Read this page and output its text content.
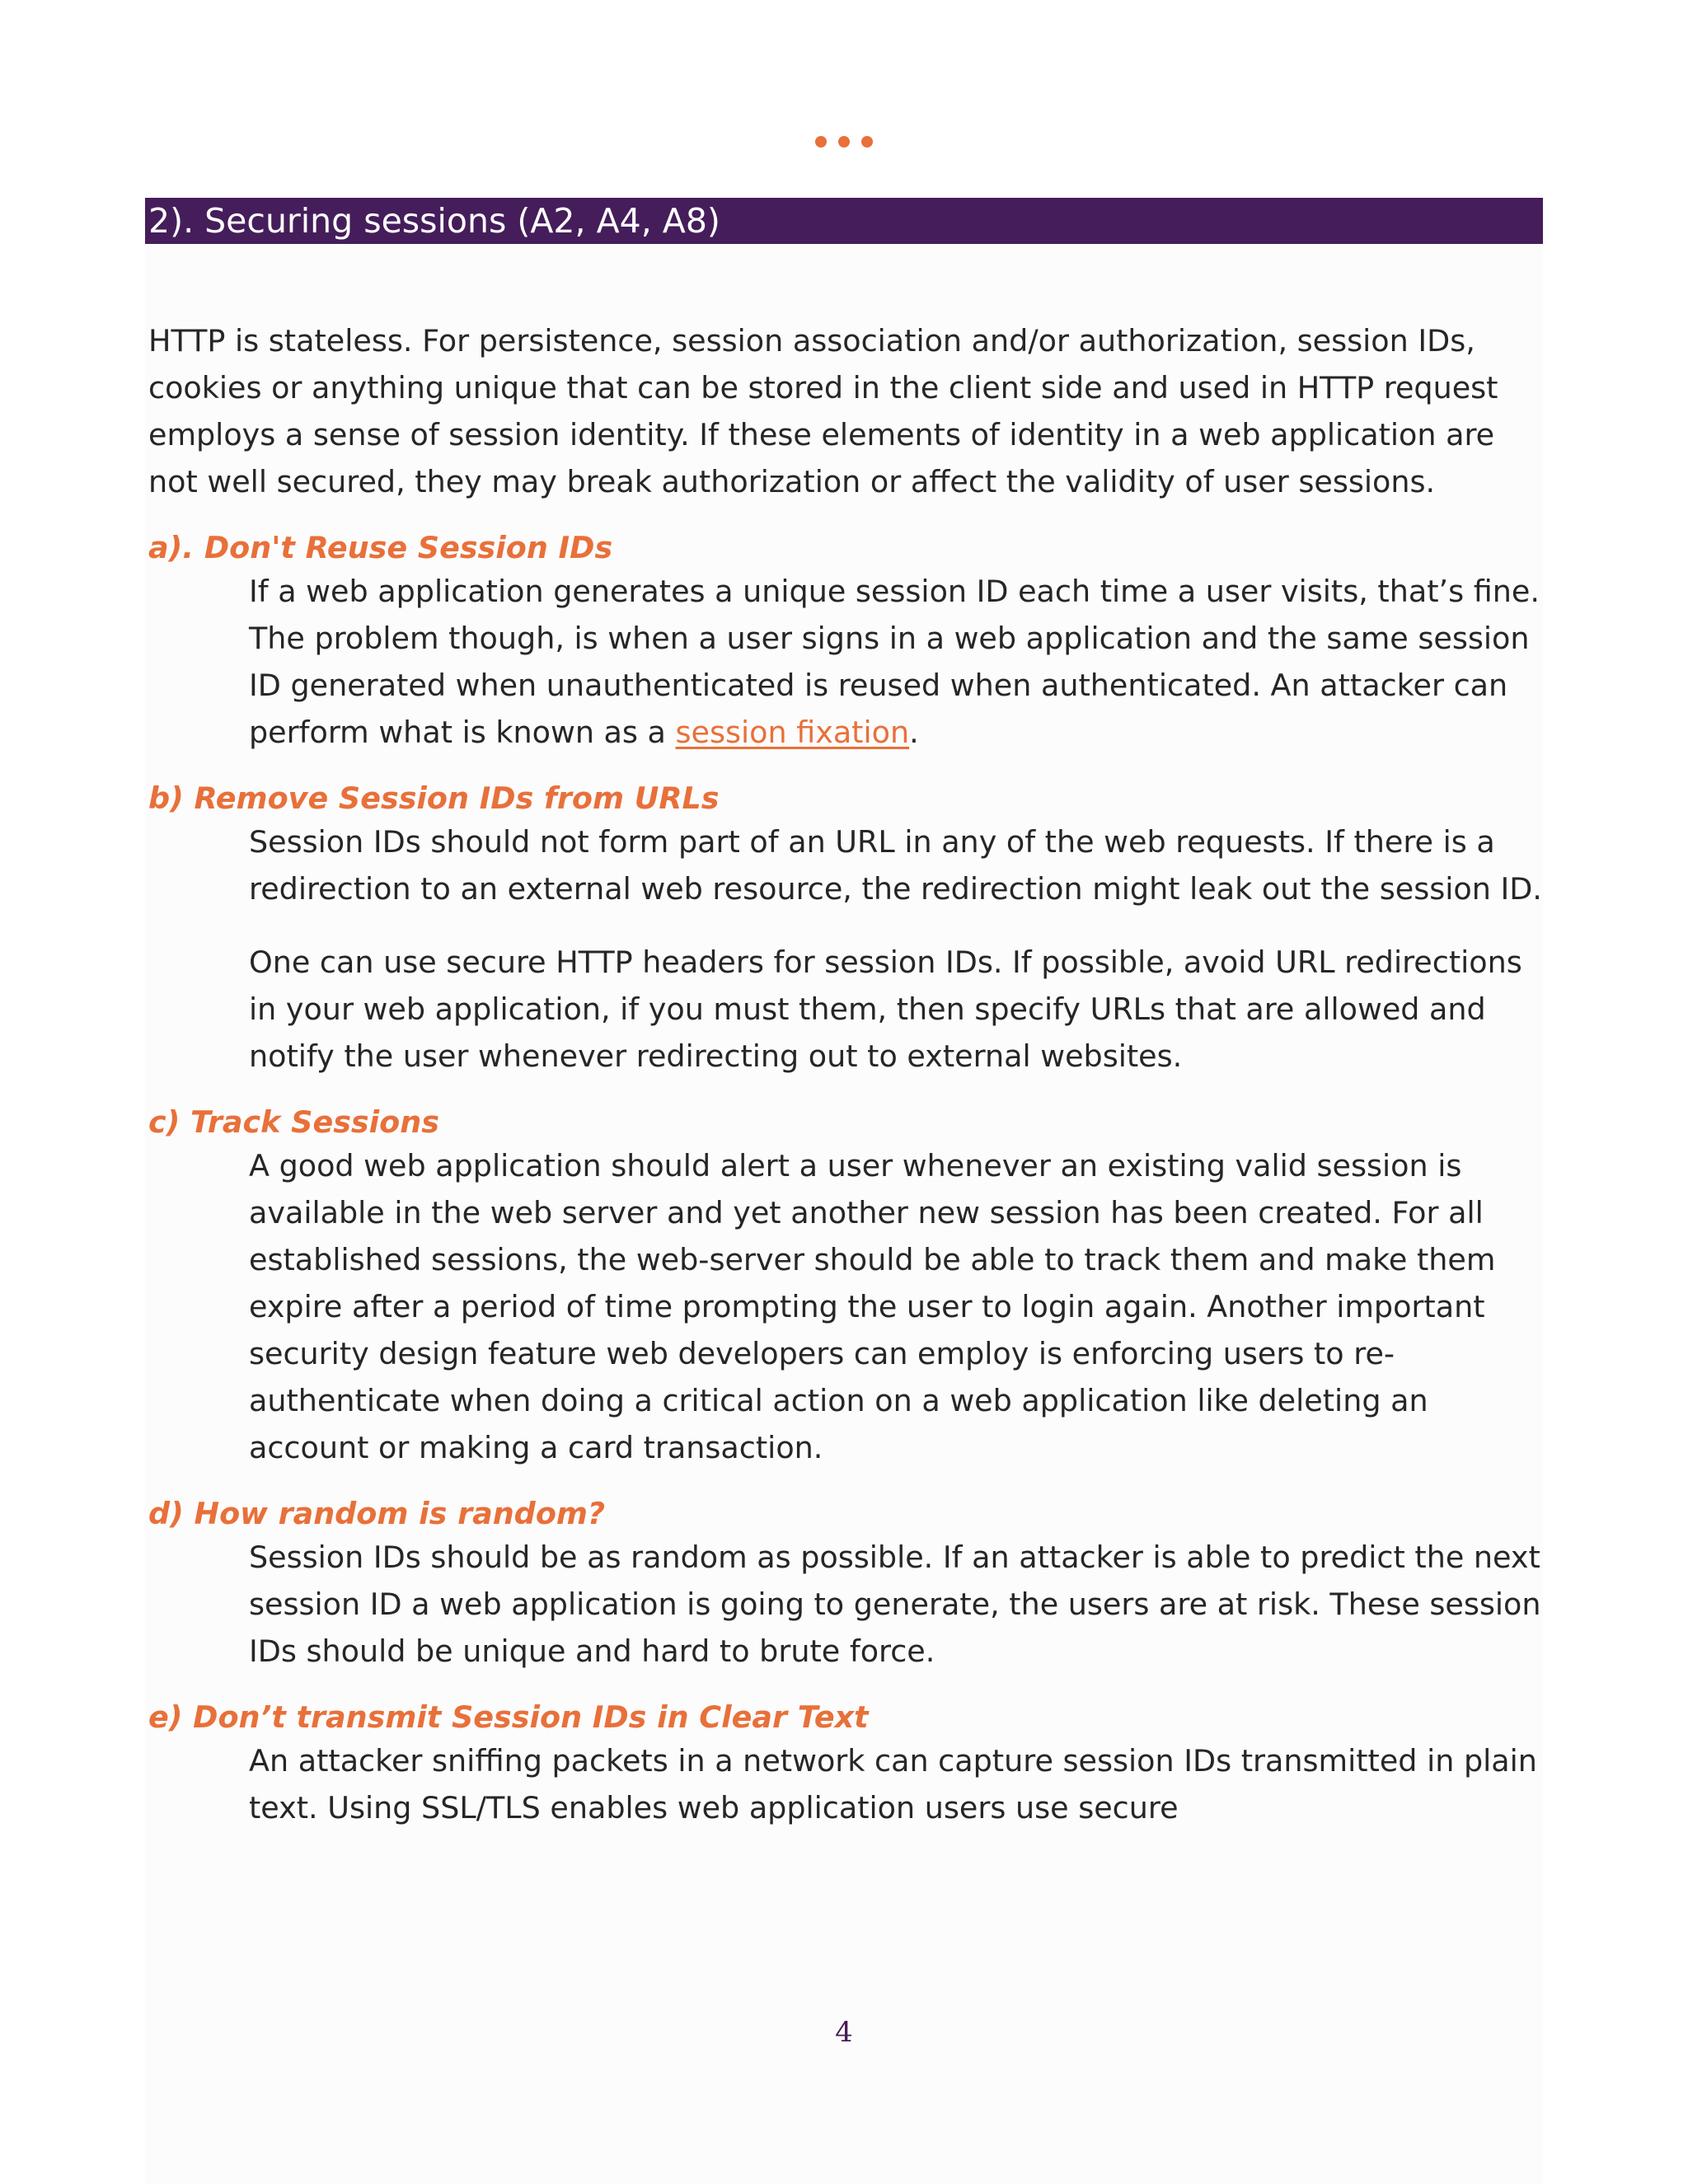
2). Securing sessions (A2, A4, A8)

HTTP is stateless. For persistence, session association and/or authorization, session IDs, cookies or anything unique that can be stored in the client side and used in HTTP request employs a sense of session identity. If these elements of identity in a web application are not well secured, they may break authorization or affect the validity of user sessions.

a). Don't Reuse Session IDs

If a web application generates a unique session ID each time a user visits, that’s fine. The problem though, is when a user signs in a web application and the same session ID generated when unauthenticated is reused when authenticated. An attacker can perform what is known as a session fixation.

b) Remove Session IDs from URLs

Session IDs should not form part of an URL in any of the web requests. If there is a redirection to an external web resource, the redirection might leak out the session ID.

One can use secure HTTP headers for session IDs. If possible, avoid URL redirections in your web application, if you must them, then specify URLs that are allowed and notify the user whenever redirecting out to external websites.

c) Track Sessions

A good web application should alert a user whenever an existing valid session is available in the web server and yet another new session has been created. For all established sessions, the web-server should be able to track them and make them expire after a period of time prompting the user to login again. Another important security design feature web developers can employ is enforcing users to re-authenticate when doing a critical action on a web application like deleting an account or making a card transaction.

d) How random is random?

Session IDs should be as random as possible. If an attacker is able to predict the next session ID a web application is going to generate, the users are at risk. These session IDs should be unique and hard to brute force.

e) Don’t transmit Session IDs in Clear Text

An attacker sniffing packets in a network can capture session IDs transmitted in plain text. Using SSL/TLS enables web application users use secure

4
